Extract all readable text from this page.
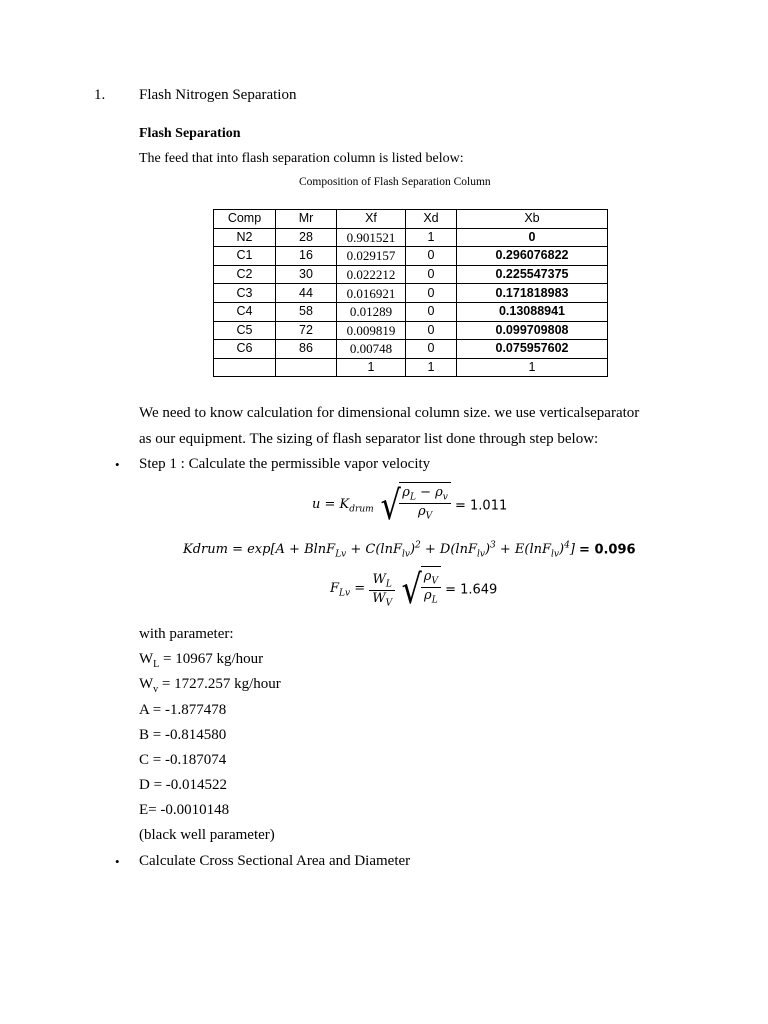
1. Flash Nitrogen Separation
Flash Separation
The feed that into flash separation column is listed below:
Composition of Flash Separation Column
Comp	Mr	Xf	Xd	Xb
N2	28	0.901521	1	0
C1	16	0.029157	0	0.296076822
C2	30	0.022212	0	0.225547375
C3	44	0.016921	0	0.171818983
C4	58	0.01289	0	0.13088941
C5	72	0.009819	0	0.099709808
C6	86	0.00748	0	0.075957602
		1	1	1
We need to know calculation for dimensional column size. we use verticalseparator
as our equipment. The sizing of flash separator list done through step below:
• Step 1 : Calculate the permissible vapor velocity
$u = K_{drum}$ √
$\frac{\rho_L - \rho_v}{\rho_V} = 1.011$
Kdrum = $\exp[A + BlnF_{Lv} + C(\ln F_{lv})^2 + D(\ln F_{lv})^3 + E(\ln F_{lv})^4] = 0.096$
$F_{Lv} = \frac{W_L}{W_V}$
√
$\frac{\rho_V}{\rho_L} = 1.649$
with parameter:
$W_L = 10967$ kg/hour
$W_v = 1727.257$ kg/hour
A = -1.877478
B = -0.814580
C = -0.187074
D = -0.014522
E= -0.0010148
(black well parameter)
• Calculate Cross Sectional Area and Diameter
